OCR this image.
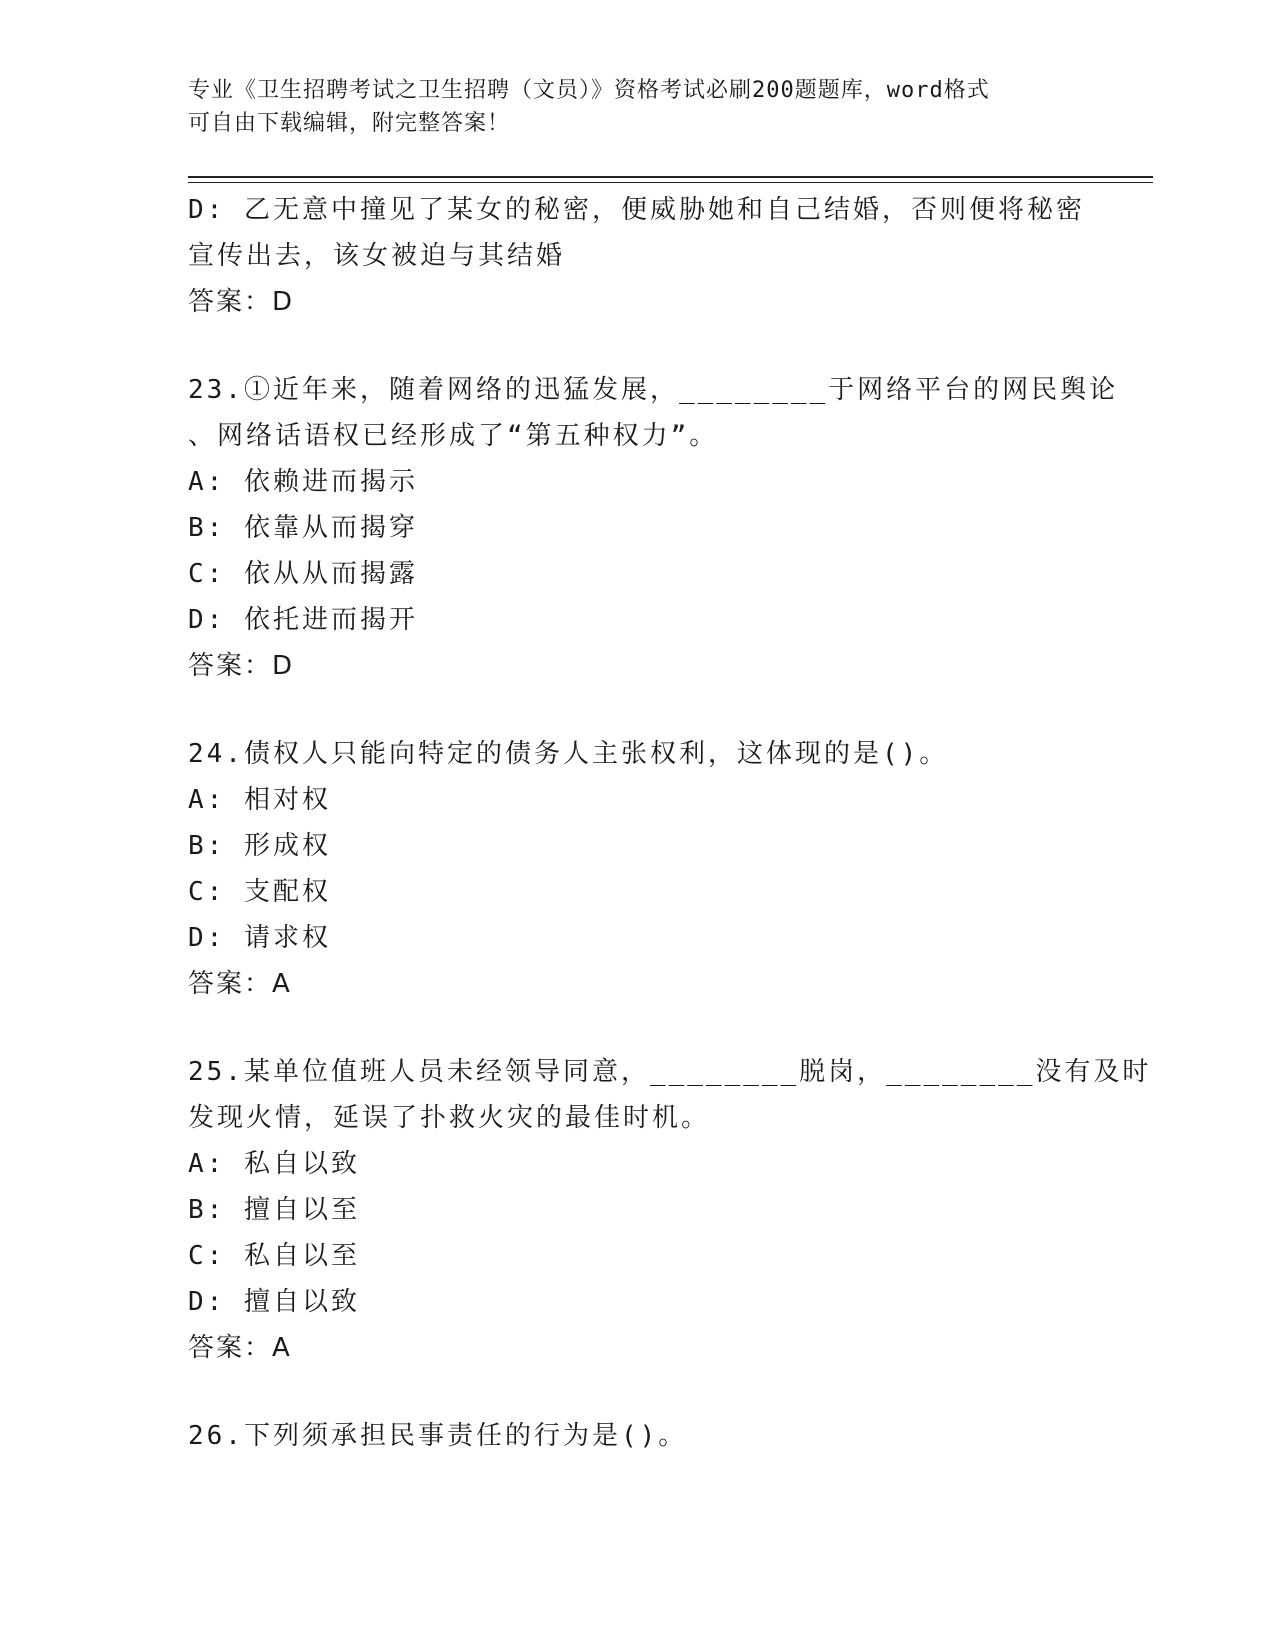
专业《卫生招聘考试之卫生招聘（文员）》资格考试必刷200题题库，word格式
可自由下载编辑，附完整答案！
D: 乙无意中撞见了某女的秘密，便威胁她和自己结婚，否则便将秘密
宣传出去，该女被迫与其结婚
答案：D
23.①近年来，随着网络的迅猛发展，________于网络平台的网民舆论
、网络话语权已经形成了“第五种权力”。
A: 依赖进而揭示
B: 依靠从而揭穿
C: 依从从而揭露
D: 依托进而揭开
答案：D
24.债权人只能向特定的债务人主张权利，这体现的是()。
A: 相对权
B: 形成权
C: 支配权
D: 请求权
答案：A
25.某单位值班人员未经领导同意，________脱岗，________没有及时
发现火情，延误了扑救火灾的最佳时机。
A: 私自以致
B: 擅自以至
C: 私自以至
D: 擅自以致
答案：A
26.下列须承担民事责任的行为是()。
